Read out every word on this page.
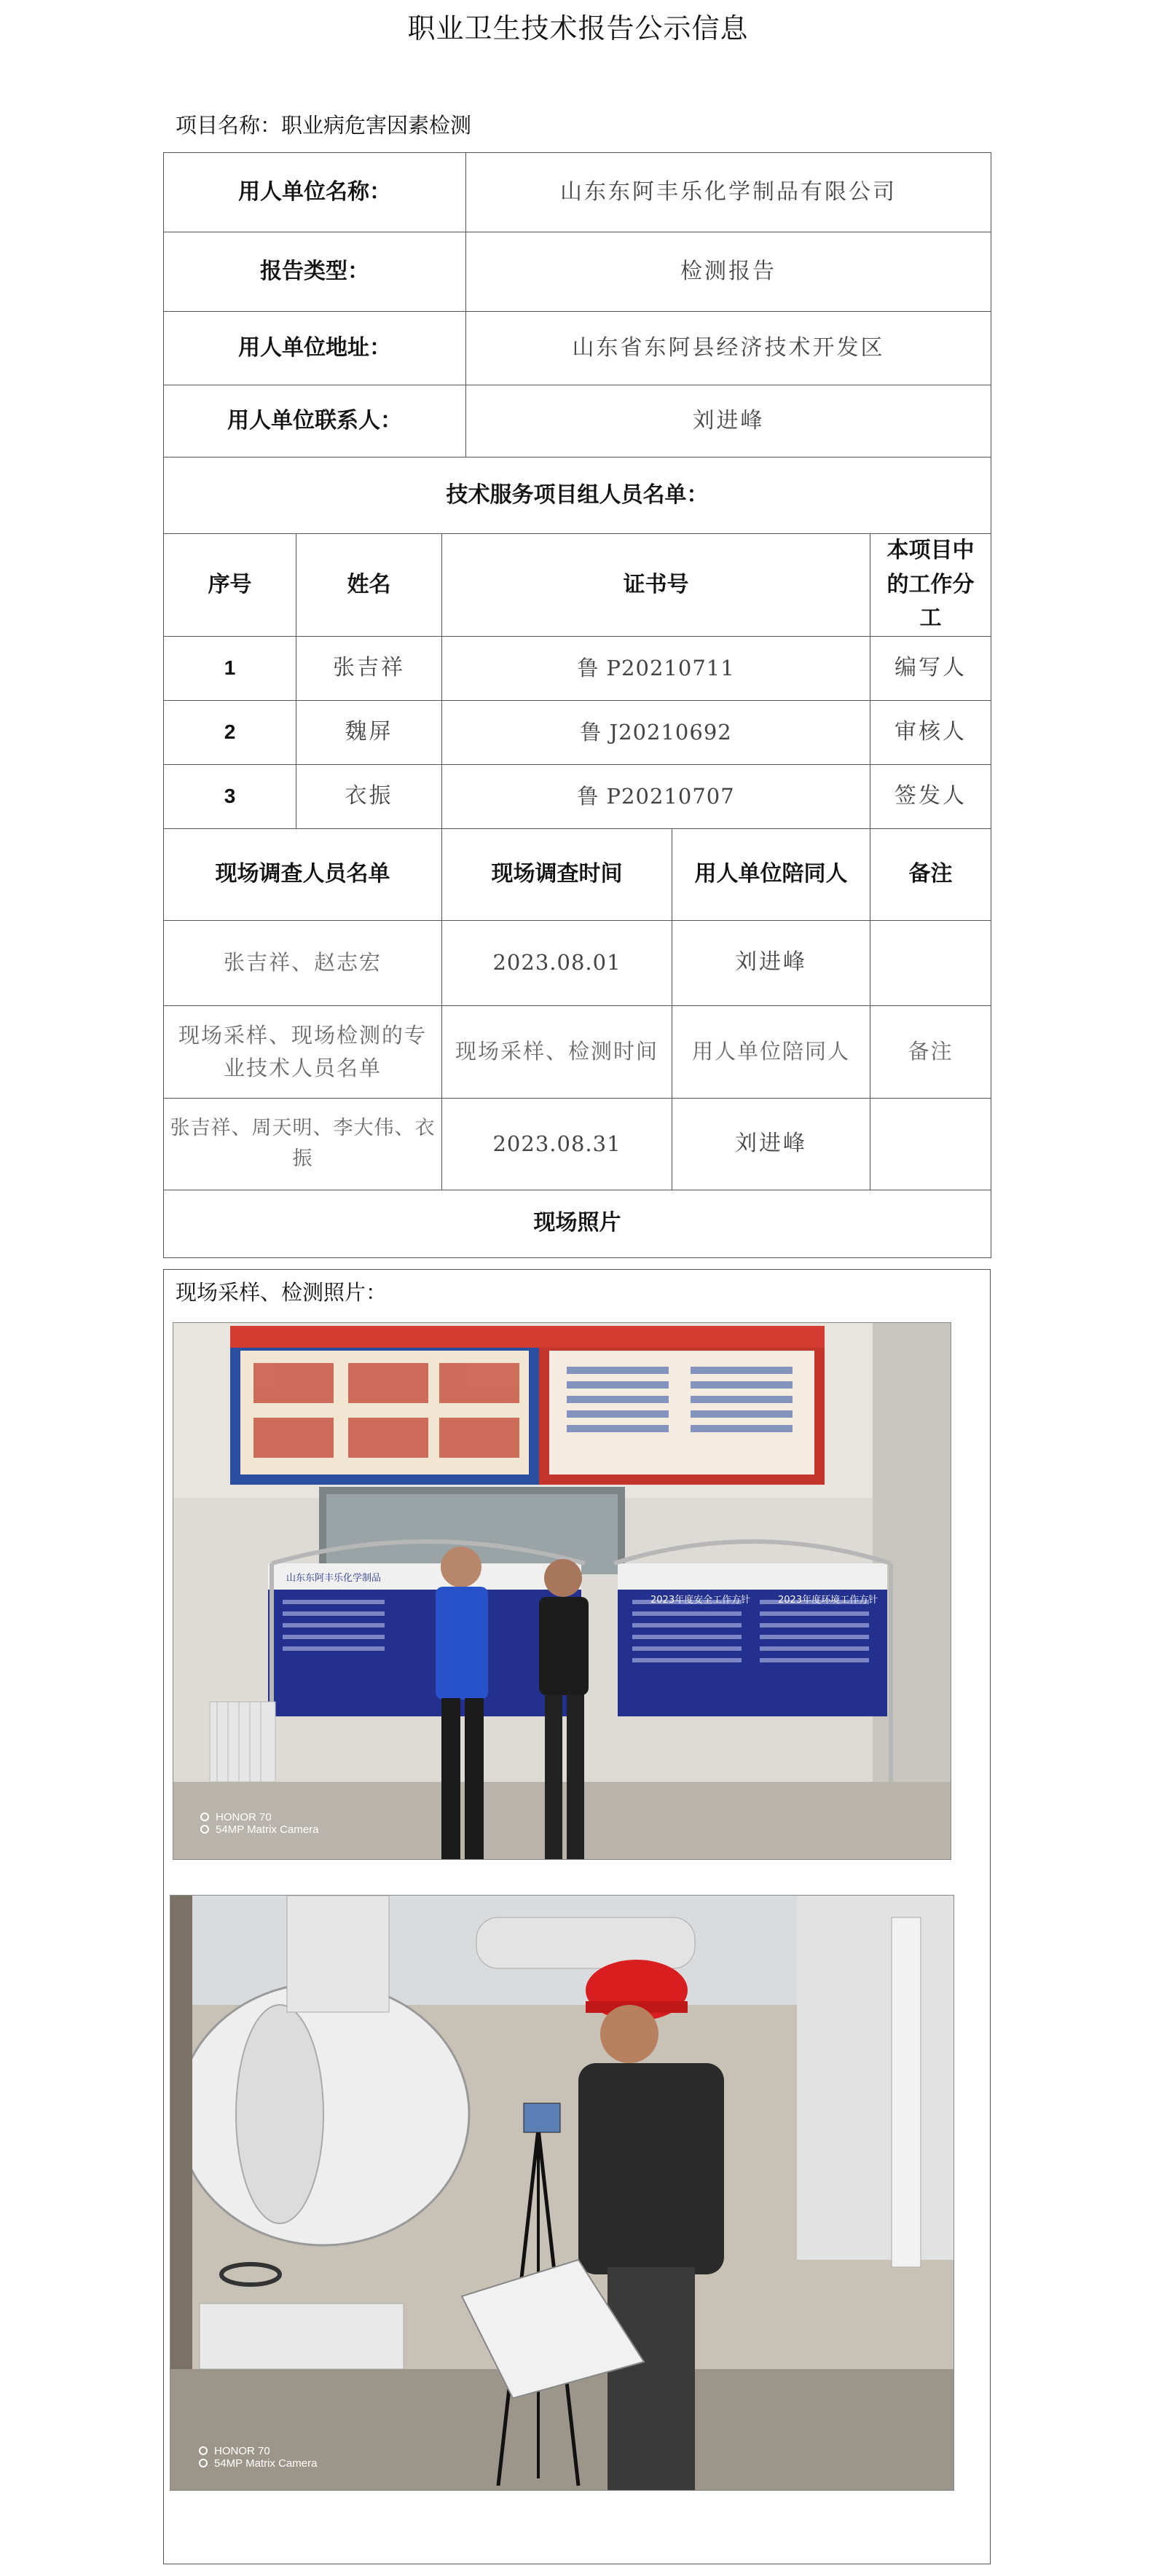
职业卫生技术报告公示信息
项目名称：职业病危害因素检测
用人单位名称：			山东东阿丰乐化学制品有限公司		
报告类型：			检测报告		
用人单位地址：			山东省东阿县经济技术开发区		
用人单位联系人：			刘进峰		
技术服务项目组人员名单：					
序号	姓名	证书号			本项目中的工作分工
1	张吉祥	鲁 P20210711			编写人
2	魏屏	鲁 J20210692			审核人
3	衣振	鲁 P20210707			签发人
现场调查人员名单		现场调查时间		用人单位陪同人	备注
张吉祥、赵志宏		2023.08.01		刘进峰	
现场采样、现场检测的专业技术人员名单		现场采样、检测时间		用人单位陪同人	备注
张吉祥、周天明、李大伟、衣振		2023.08.31		刘进峰	
现场照片					
现场采样、检测照片：
山东东阿丰乐化学制品
2023年度安全工作方针	2023年度环境工作方针
HONOR 70
54MP Matrix Camera
HONOR 70
54MP Matrix Camera
